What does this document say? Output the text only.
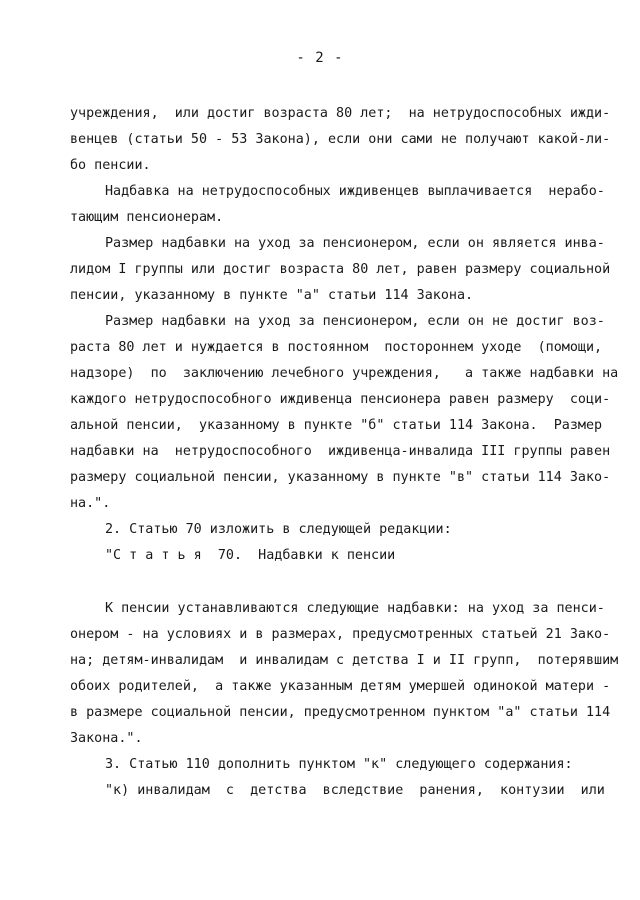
- 2 -
учреждения,  или достиг возраста 80 лет;  на нетрудоспособных ижди-
венцев (статьи 50 - 53 Закона), если они сами не получают какой-ли-
бо пенсии.
Надбавка на нетрудоспособных иждивенцев выплачивается  нерабо-
тающим пенсионерам.
Размер надбавки на уход за пенсионером, если он является инва-
лидом I группы или достиг возраста 80 лет, равен размеру социальной
пенсии, указанному в пункте "а" статьи 114 Закона.
Размер надбавки на уход за пенсионером, если он не достиг воз-
раста 80 лет и нуждается в постоянном  постороннем уходе  (помощи,
надзоре)  по  заключению лечебного учреждения,   а также надбавки на
каждого нетрудоспособного иждивенца пенсионера равен размеру  соци-
альной пенсии,  указанному в пункте "б" статьи 114 Закона.  Размер
надбавки на  нетрудоспособного  иждивенца-инвалида III группы равен
размеру социальной пенсии, указанному в пункте "в" статьи 114 Зако-
на.".
2. Статью 70 изложить в следующей редакции:
"С т а т ь я  70.  Надбавки к пенсии
К пенсии устанавливаются следующие надбавки: на уход за пенси-
онером - на условиях и в размерах, предусмотренных статьей 21 Зако-
на; детям-инвалидам  и инвалидам с детства I и II групп,  потерявшим
обоих родителей,  а также указанным детям умершей одинокой матери -
в размере социальной пенсии, предусмотренном пунктом "а" статьи 114
Закона.".
3. Статью 110 дополнить пунктом "к" следующего содержания:
"к) инвалидам  с  детства  вследствие  ранения,  контузии  или
